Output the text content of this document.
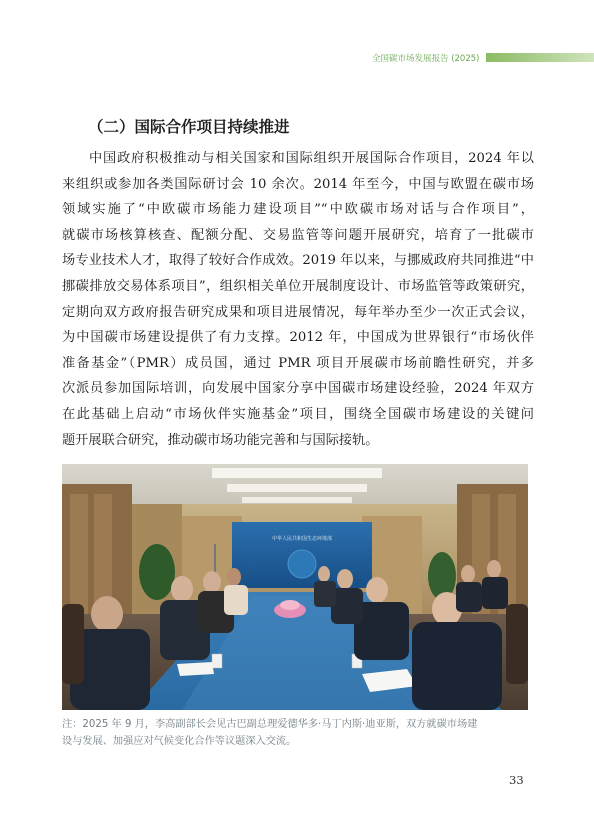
全国碳市场发展报告 (2025)
（二）国际合作项目持续推进

中国政府积极推动与相关国家和国际组织开展国际合作项目，2024 年以
来组织或参加各类国际研讨会 10 余次。2014 年至今，中国与欧盟在碳市场
领域实施了“中欧碳市场能力建设项目”“中欧碳市场对话与合作项目”，
就碳市场核算核查、配额分配、交易监管等问题开展研究，培育了一批碳市
场专业技术人才，取得了较好合作成效。2019 年以来，与挪威政府共同推进“中
挪碳排放交易体系项目”，组织相关单位开展制度设计、市场监管等政策研究，
定期向双方政府报告研究成果和项目进展情况，每年举办至少一次正式会议，
为中国碳市场建设提供了有力支撑。2012 年，中国成为世界银行“市场伙伴
准备基金”（PMR）成员国，通过 PMR 项目开展碳市场前瞻性研究，并多
次派员参加国际培训，向发展中国家分享中国碳市场建设经验，2024 年双方
在此基础上启动“市场伙伴实施基金”项目，围绕全国碳市场建设的关键问
题开展联合研究，推动碳市场功能完善和与国际接轨。

中华人民共和国生态环境部

注：2025 年 9 月，李高副部长会见古巴副总理爱德华多·马丁内斯·迪亚斯，双方就碳市场建
设与发展、加强应对气候变化合作等议题深入交流。

33
